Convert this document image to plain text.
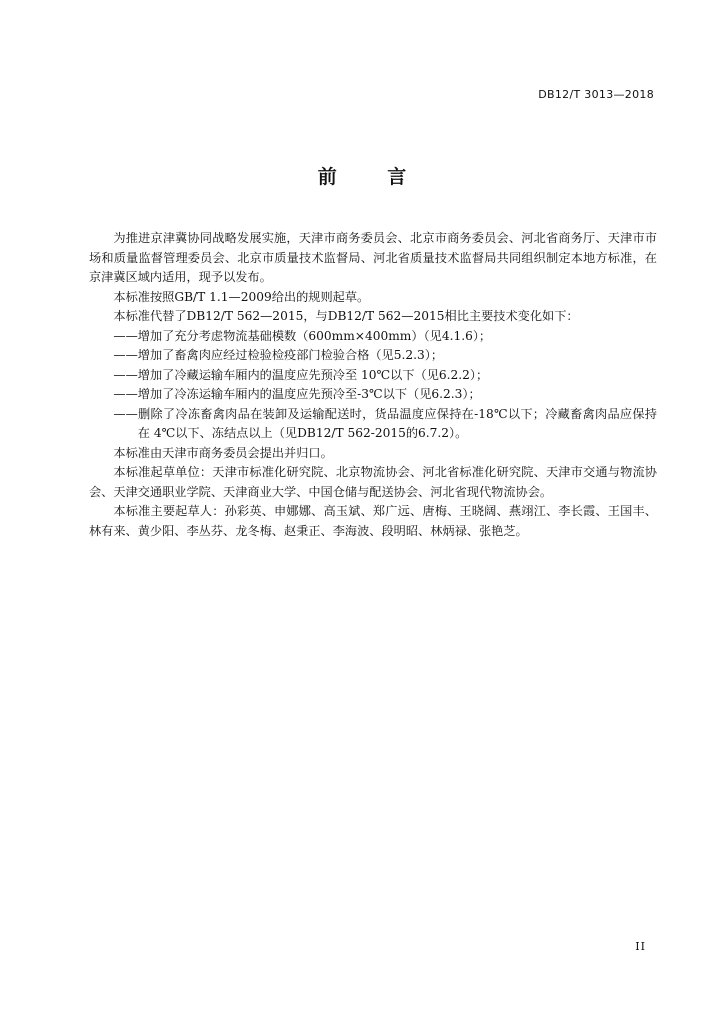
DB12/T 3013—2018

前 言

为推进京津冀协同战略发展实施，天津市商务委员会、北京市商务委员会、河北省商务厅、天津市市场和质量监督管理委员会、北京市质量技术监督局、河北省质量技术监督局共同组织制定本地方标准，在京津冀区域内适用，现予以发布。

本标准按照GB/T 1.1—2009给出的规则起草。

本标准代替了DB12/T 562—2015，与DB12/T 562—2015相比主要技术变化如下：

——增加了充分考虑物流基础模数（600mm×400mm）（见4.1.6）；

——增加了畜禽肉应经过检验检疫部门检验合格（见5.2.3）；

——增加了冷藏运输车厢内的温度应先预冷至 10℃以下（见6.2.2）；

——增加了冷冻运输车厢内的温度应先预冷至-3℃以下（见6.2.3）；

——删除了冷冻畜禽肉品在装卸及运输配送时，货品温度应保持在-18℃以下；冷藏畜禽肉品应保持在 4℃以下、冻结点以上（见DB12/T 562-2015的6.7.2）。

本标准由天津市商务委员会提出并归口。

本标准起草单位：天津市标准化研究院、北京物流协会、河北省标准化研究院、天津市交通与物流协会、天津交通职业学院、天津商业大学、中国仓储与配送协会、河北省现代物流协会。

本标准主要起草人：孙彩英、申娜娜、高玉斌、郑广远、唐梅、王晓阔、燕翊江、李长霞、王国丰、林有来、黄少阳、李丛芬、龙冬梅、赵秉正、李海波、段明昭、林炳禄、张艳芝。

II
